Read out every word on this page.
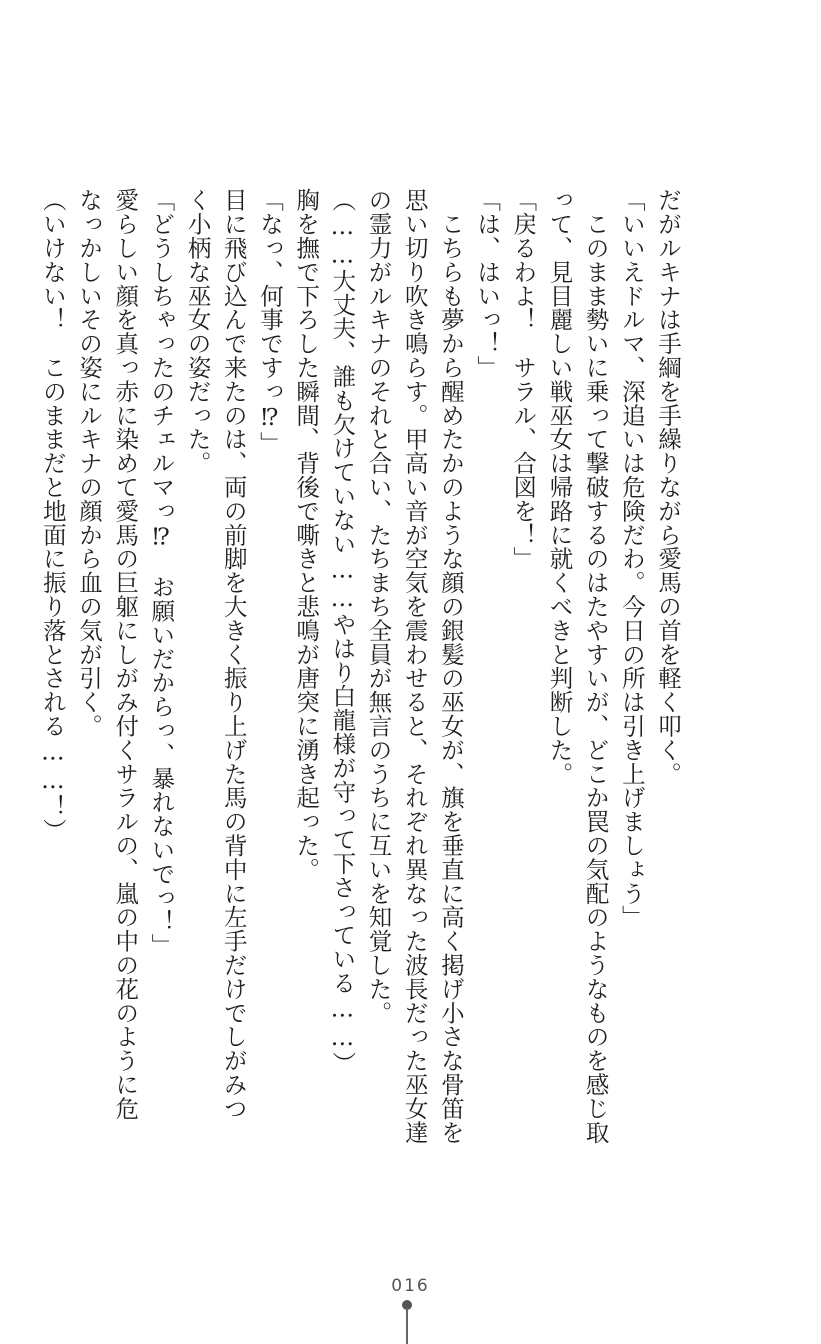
だがルキナは手綱を手繰りながら愛馬の首を軽く叩く。
「いいえドルマ、深追いは危険だわ。今日の所は引き上げましょう」
　このまま勢いに乗って撃破するのはたやすいが、どこか罠の気配のようなものを感じ取
って、見目麗しい戦巫女は帰路に就くべきと判断した。
「戻るわよ！　サラル、合図を！」
「は、はいっ！」
　こちらも夢から醒めたかのような顔の銀髪の巫女が、旗を垂直に高く掲げ小さな骨笛を
思い切り吹き鳴らす。甲高い音が空気を震わせると、それぞれ異なった波長だった巫女達
の霊力がルキナのそれと合い、たちまち全員が無言のうちに互いを知覚した。
（……大丈夫、誰も欠けていない……やはり白龍様が守って下さっている……）
胸を撫で下ろした瞬間、背後で嘶きと悲鳴が唐突に湧き起った。
「なっ、何事ですっ⁉」
目に飛び込んで来たのは、両の前脚を大きく振り上げた馬の背中に左手だけでしがみつ
く小柄な巫女の姿だった。
「どうしちゃったのチェルマっ⁉　お願いだからっ、暴れないでっ！」
愛らしい顔を真っ赤に染めて愛馬の巨躯にしがみ付くサラルの、嵐の中の花のように危
なっかしいその姿にルキナの顔から血の気が引く。
（いけない！　このままだと地面に振り落とされる……！）
016
